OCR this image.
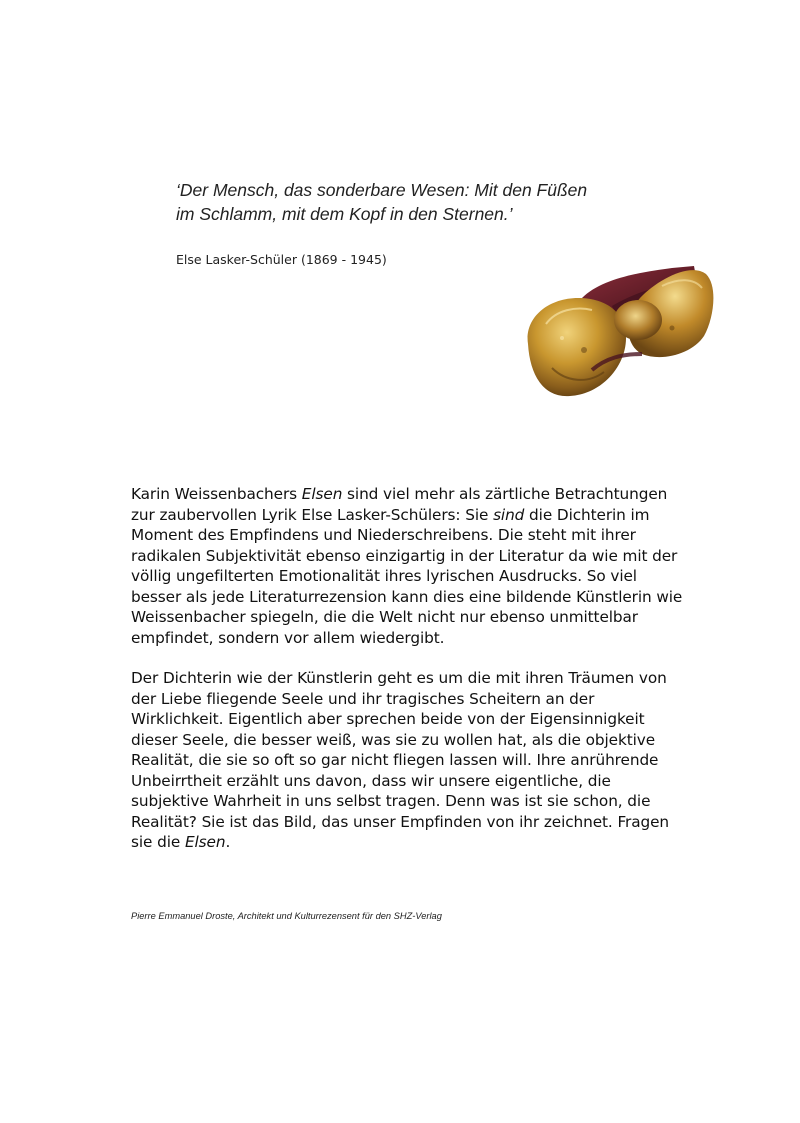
‘Der Mensch, das sonderbare Wesen: Mit den Füßen
im Schlamm, mit dem Kopf in den Sternen.’

Else Lasker-Schüler (1869 - 1945)

Karin Weissenbachers Elsen sind viel mehr als zärtliche Betrachtungen zur zaubervollen Lyrik Else Lasker-Schülers: Sie sind die Dichterin im Moment des Empfindens und Niederschreibens. Die steht mit ihrer radikalen Subjektivität ebenso einzigartig in der Literatur da wie mit der völlig ungefilterten Emotionalität ihres lyrischen Ausdrucks. So viel besser als jede Literaturrezension kann dies eine bildende Künstlerin wie Weissenbacher spiegeln, die die Welt nicht nur ebenso unmittelbar empfindet, sondern vor allem wiedergibt.

Der Dichterin wie der Künstlerin geht es um die mit ihren Träumen von der Liebe fliegende Seele und ihr tragisches Scheitern an der Wirklichkeit. Eigentlich aber sprechen beide von der Eigensinnigkeit dieser Seele, die besser weiß, was sie zu wollen hat, als die objektive Realität, die sie so oft so gar nicht fliegen lassen will. Ihre anrührende Unbeirrtheit erzählt uns davon, dass wir unsere eigentliche, die subjektive Wahrheit in uns selbst tragen. Denn was ist sie schon, die Realität? Sie ist das Bild, das unser Empfinden von ihr zeichnet. Fragen sie die Elsen.

Pierre Emmanuel Droste, Architekt und Kulturrezensent für den SHZ-Verlag
